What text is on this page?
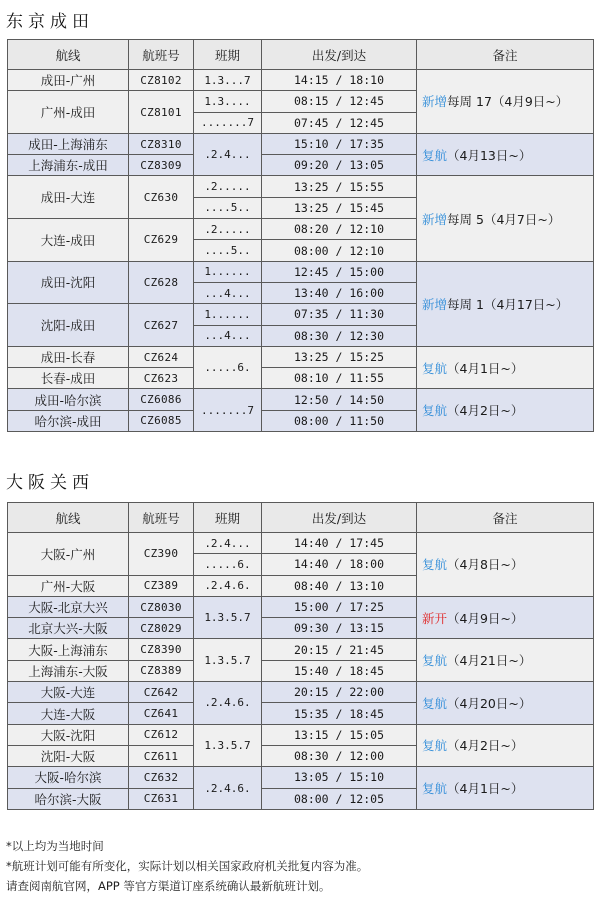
东京成田
航线	航班号	班期	出发/到达	备注
成田-广州	CZ8102	1.3...7	14:15 / 18:10	新增每周 17（4月9日~）
广州-成田	CZ8101	1.3....	08:15 / 12:45	
		.......7	07:45 / 12:45	
成田-上海浦东	CZ8310	.2.4...	15:10 / 17:35	复航（4月13日~）
上海浦东-成田	CZ8309		09:20 / 13:05	
成田-大连	CZ630	.2.....	13:25 / 15:55	新增每周 5（4月7日~）
		....5..	13:25 / 15:45	
大连-成田	CZ629	.2.....	08:20 / 12:10	
		....5..	08:00 / 12:10	
成田-沈阳	CZ628	1......	12:45 / 15:00	新增每周 1（4月17日~）
		...4...	13:40 / 16:00	
沈阳-成田	CZ627	1......	07:35 / 11:30	
		...4...	08:30 / 12:30	
成田-长春	CZ624	.....6.	13:25 / 15:25	复航（4月1日~）
长春-成田	CZ623		08:10 / 11:55	
成田-哈尔滨	CZ6086	.......7	12:50 / 14:50	复航（4月2日~）
哈尔滨-成田	CZ6085		08:00 / 11:50	
大阪关西
航线	航班号	班期	出发/到达	备注
大阪-广州	CZ390	.2.4...	14:40 / 17:45	复航（4月8日~）
		.....6.	14:40 / 18:00	
广州-大阪	CZ389	.2.4.6.	08:40 / 13:10	
大阪-北京大兴	CZ8030	1.3.5.7	15:00 / 17:25	新开（4月9日~）
北京大兴-大阪	CZ8029		09:30 / 13:15	
大阪-上海浦东	CZ8390	1.3.5.7	20:15 / 21:45	复航（4月21日~）
上海浦东-大阪	CZ8389		15:40 / 18:45	
大阪-大连	CZ642	.2.4.6.	20:15 / 22:00	复航（4月20日~）
大连-大阪	CZ641		15:35 / 18:45	
大阪-沈阳	CZ612	1.3.5.7	13:15 / 15:05	复航（4月2日~）
沈阳-大阪	CZ611		08:30 / 12:00	
大阪-哈尔滨	CZ632	.2.4.6.	13:05 / 15:10	复航（4月1日~）
哈尔滨-大阪	CZ631		08:00 / 12:05	
*以上均为当地时间
*航班计划可能有所变化，实际计划以相关国家政府机关批复内容为准。
请查阅南航官网，APP 等官方渠道订座系统确认最新航班计划。
